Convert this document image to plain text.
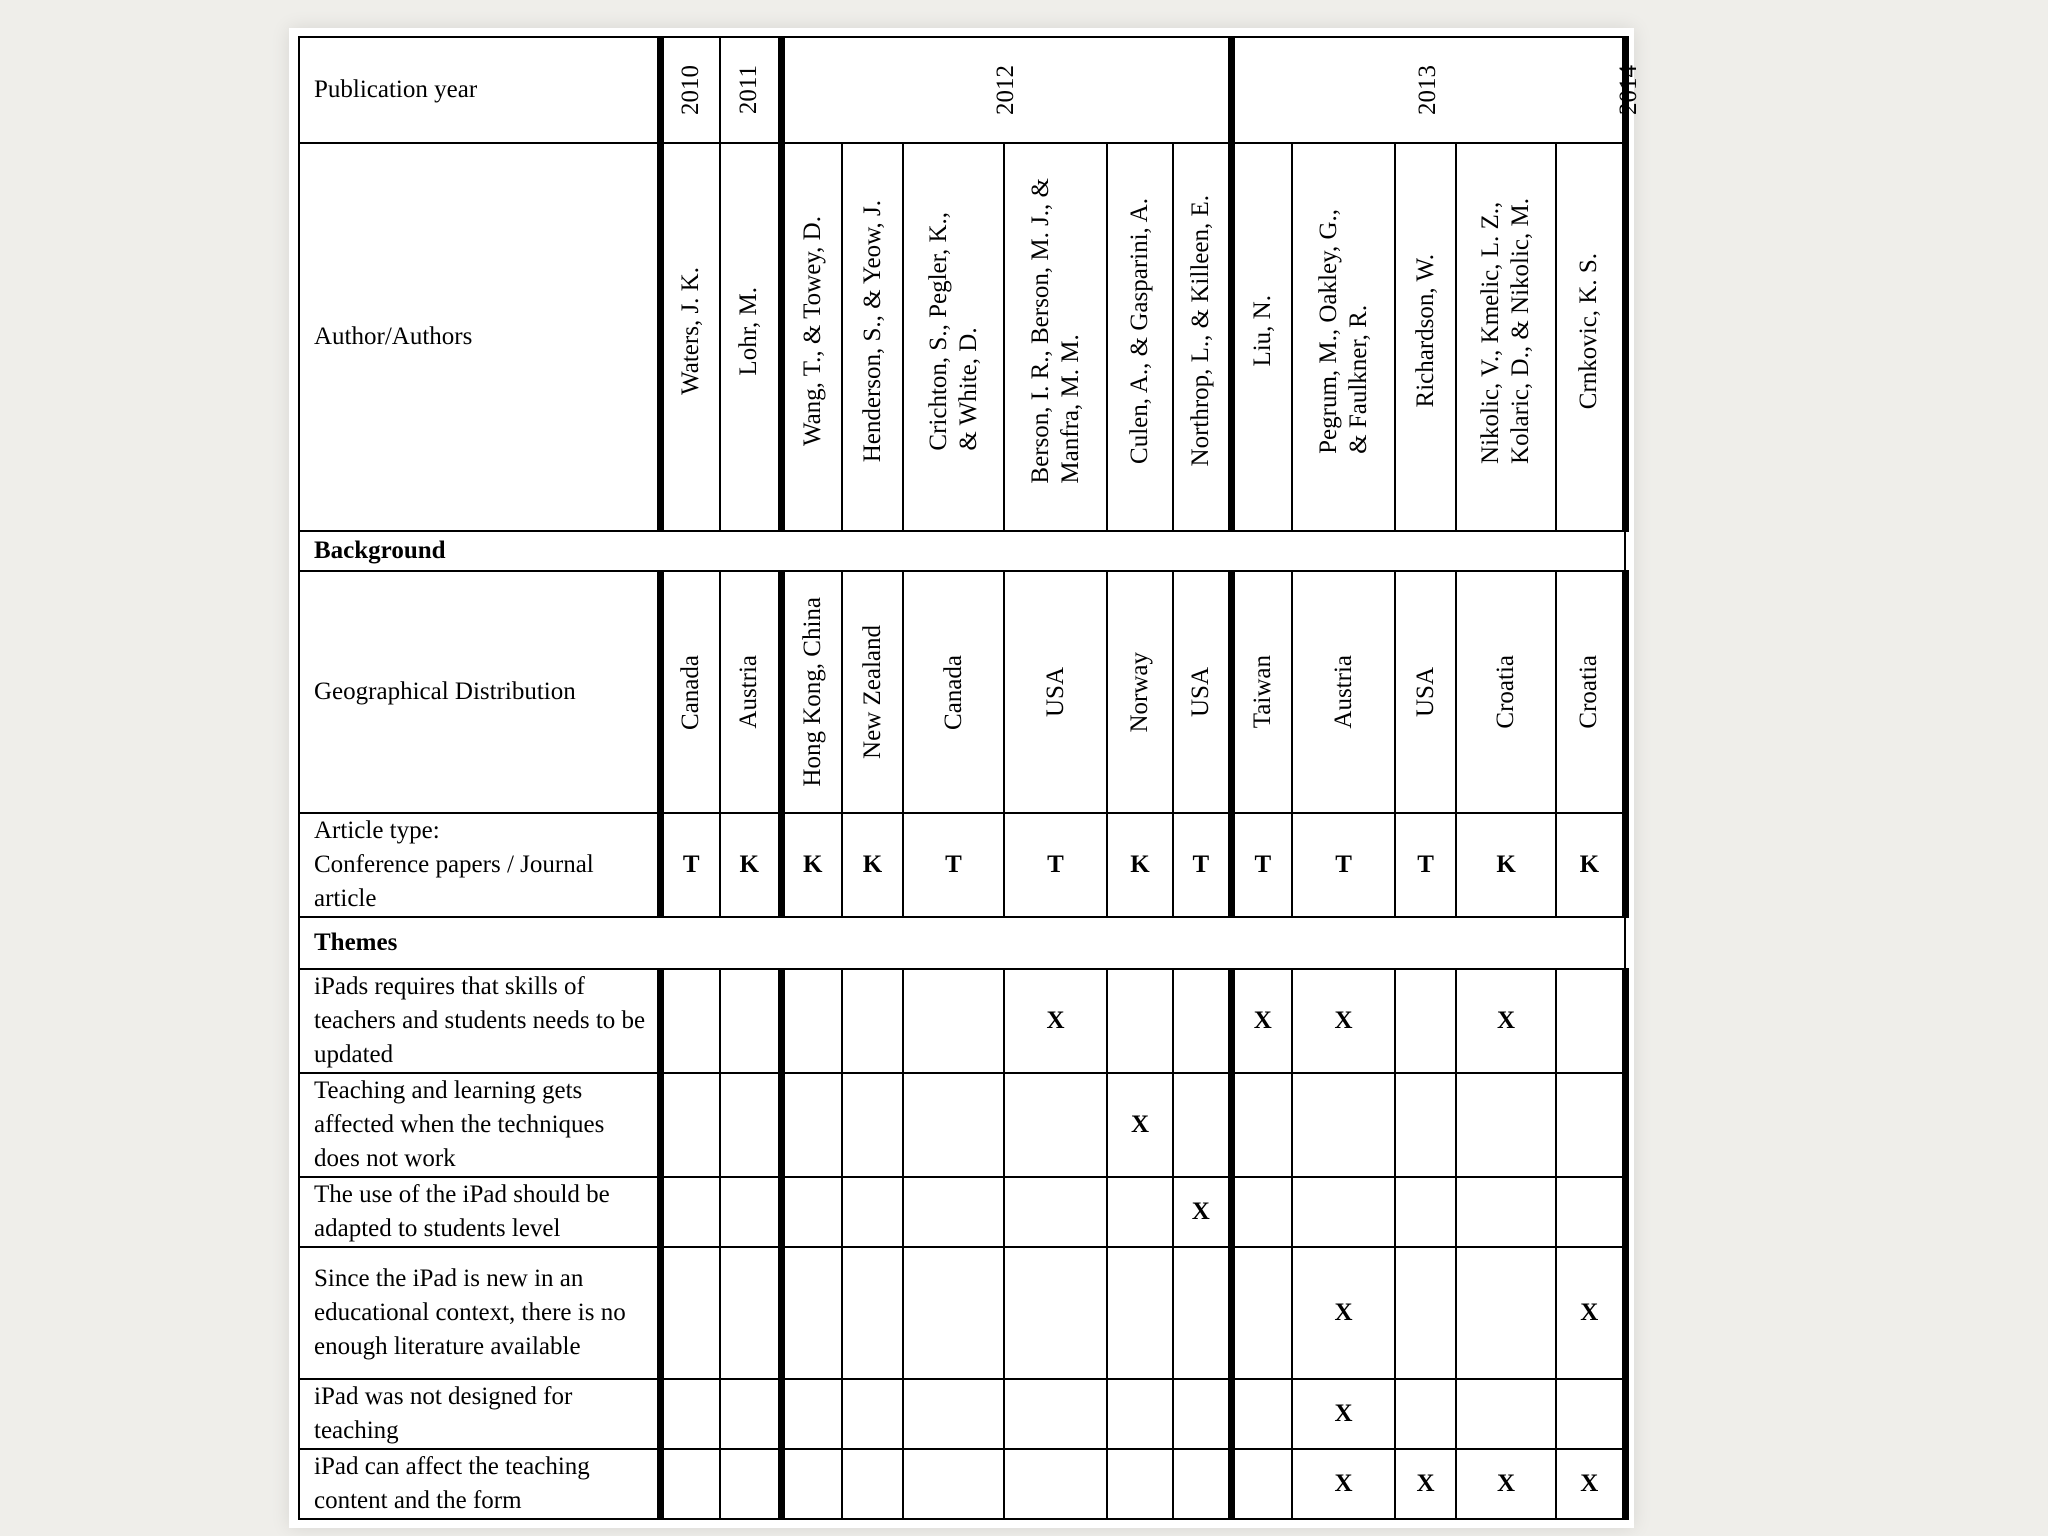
Publication year	2010	2011	2012						2013					2014

Author/Authors	Waters, J. K.	Lohr, M.	Wang, T., & Towey, D.	Henderson, S., & Yeow, J.	Crichton, S., Pegler, K.,
& White, D.	Berson, I. R., Berson, M. J., &
Manfra, M. M.	Culen, A., & Gasparini, A.	Northrop, L., & Killeen, E.	Liu, N.	Pegrum, M., Oakley, G.,
& Faulkner, R.	Richardson, W.	Nikolic, V., Kmelic, L. Z.,
Kolaric, D., & Nikolic, M.	Crnkovic, K. S.	

Background														
Geographical Distribution	Canada	Austria	Hong Kong, China	New Zealand	Canada	USA	Norway	USA	Taiwan	Austria	USA	Croatia	Croatia	

Article type:
Conference papers / Journal article	T	K	K	K	T	T	K	T	T	T	T	K	K	
Themes														
iPads requires that skills of teachers and students needs to be updated						X			X	X		X		
Teaching and learning gets affected when the techniques does not work							X							
The use of the iPad should be adapted to students level								X						
Since the iPad is new in an educational context, there is no enough literature available										X			X	
iPad was not designed for teaching										X				
iPad can affect the teaching content and the form										X	X	X	X	
